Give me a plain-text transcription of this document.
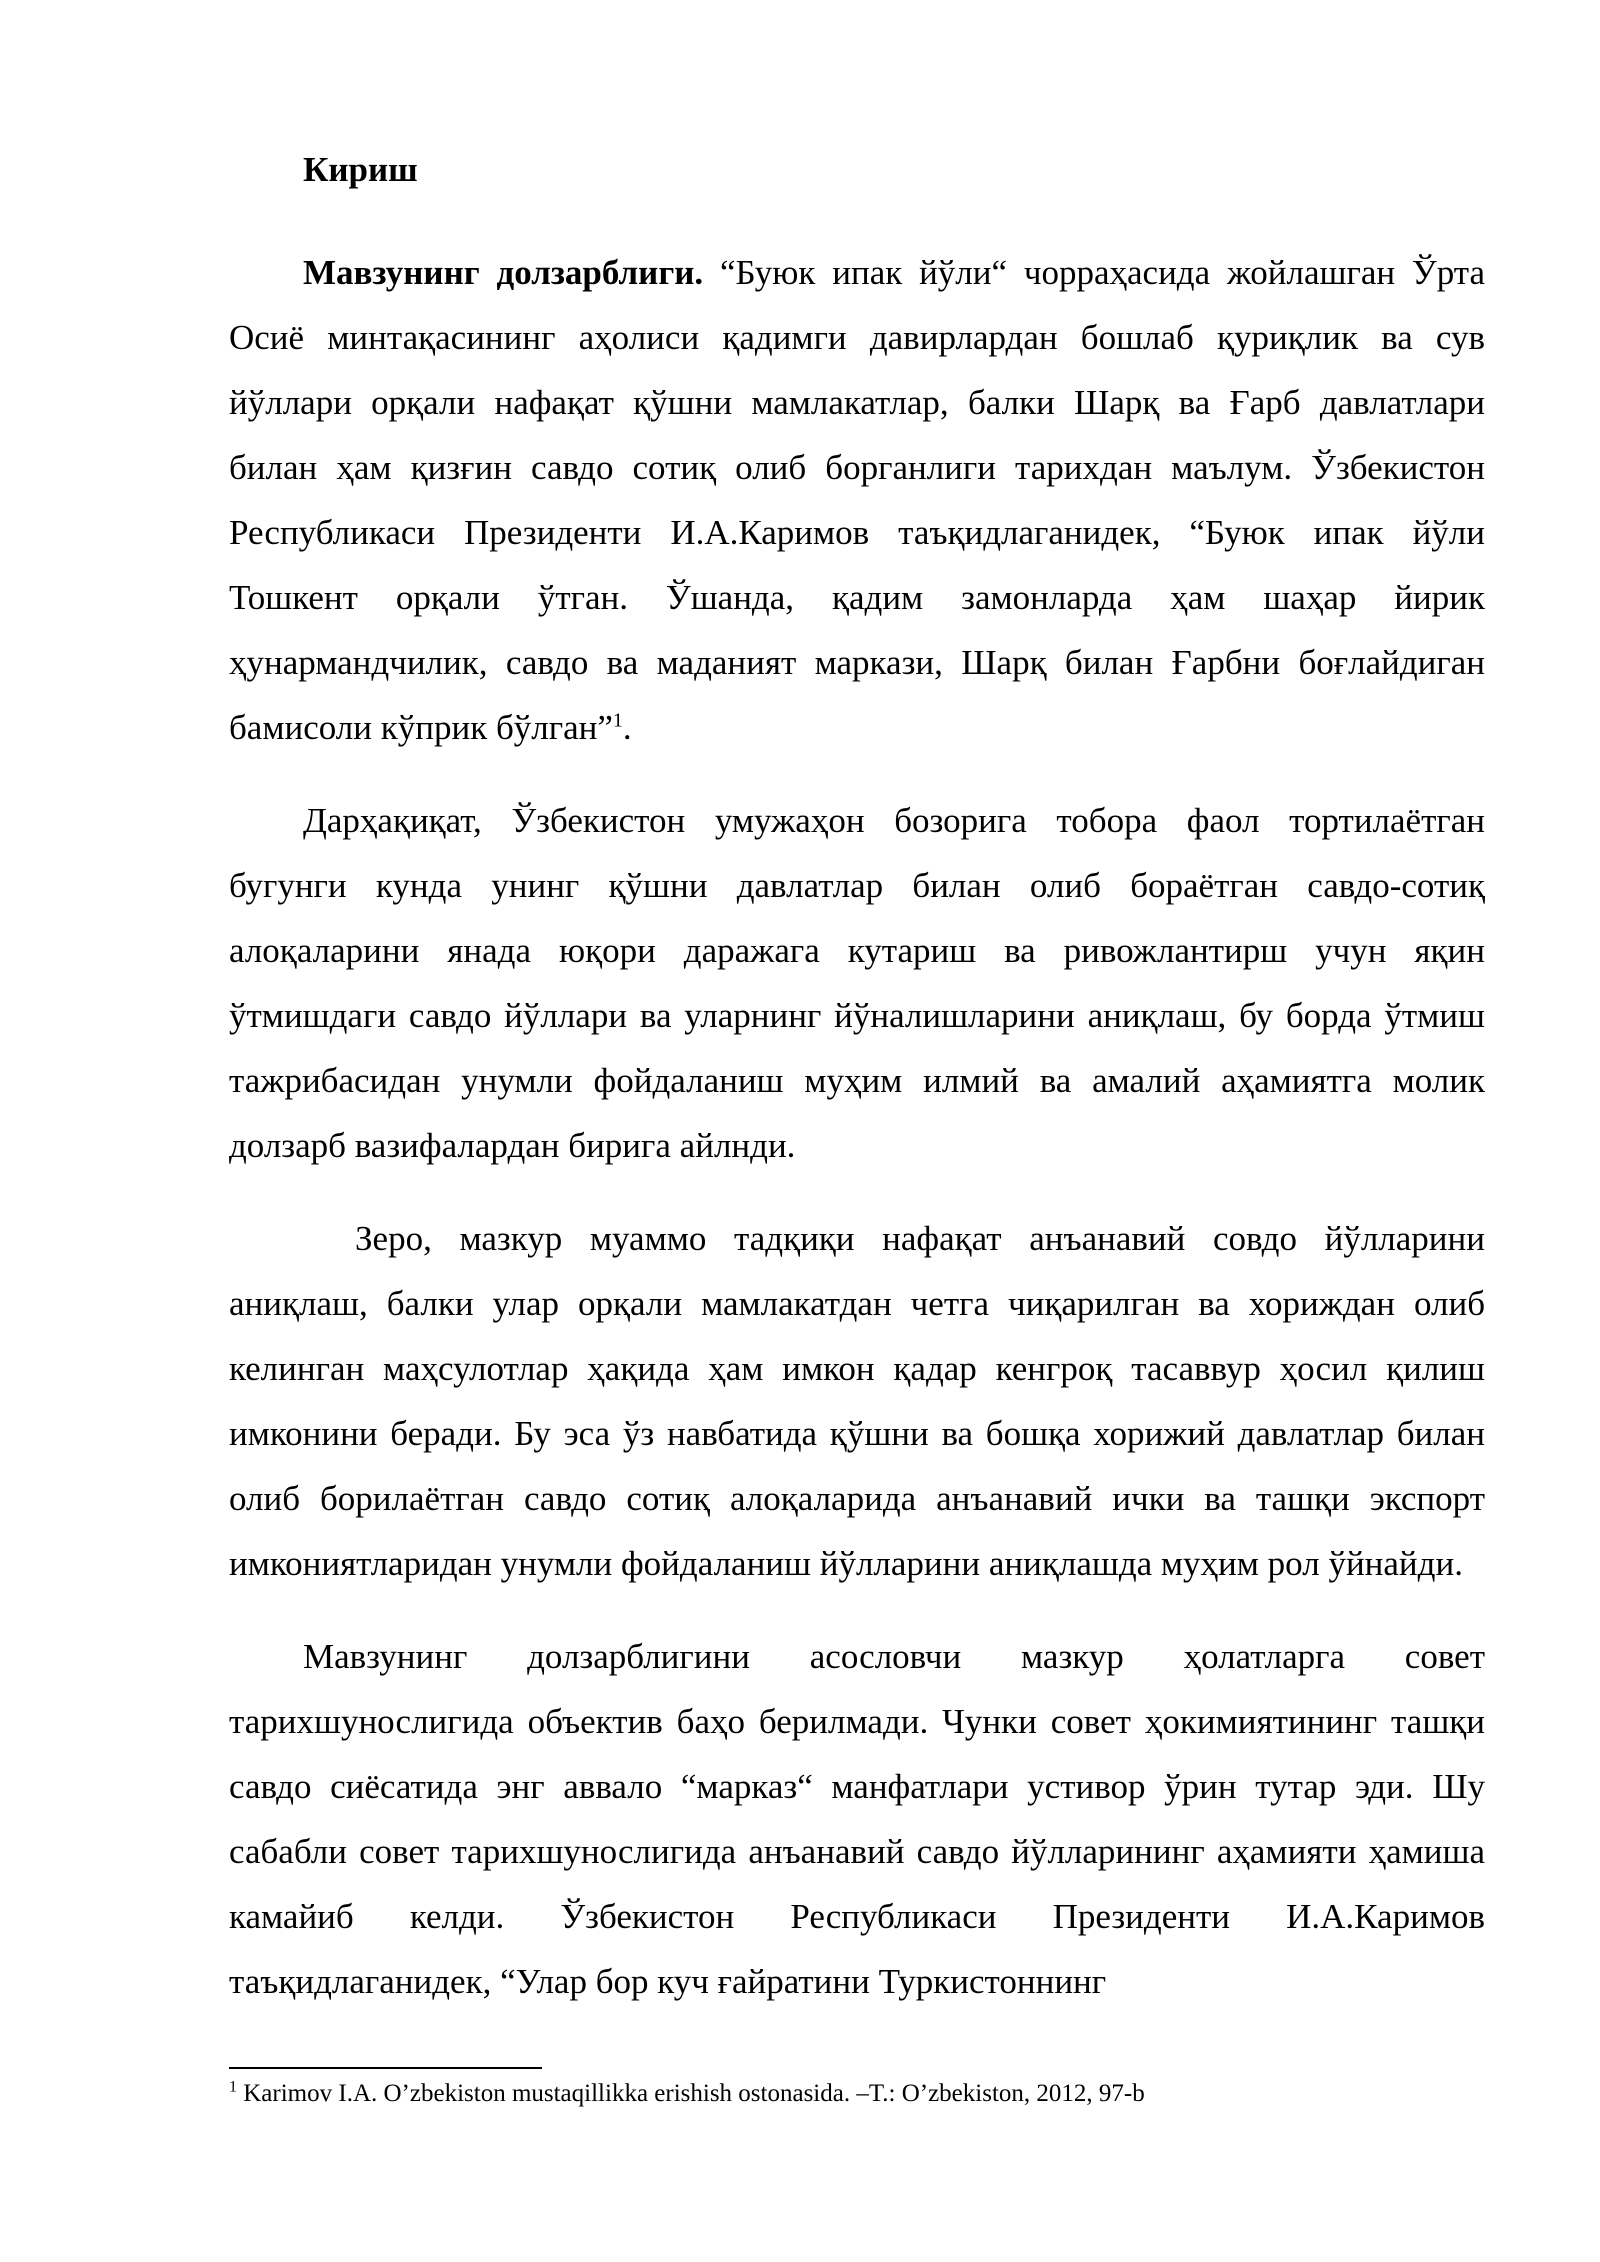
Кириш

Мавзунинг долзарблиги. “Буюк ипак йўли“ чорраҳасида жойлашган Ўрта Осиё минтақасининг аҳолиси қадимги давирлардан бошлаб қуриқлик ва сув йўллари орқали нафақат қўшни мамлакатлар, балки Шарқ ва Ғарб давлатлари билан ҳам қизғин савдо сотиқ олиб борганлиги тарихдан маълум. Ўзбекистон Республикаси Президенти И.А.Каримов таъқидлаганидек, “Буюк ипак йўли Тошкент орқали ўтган. Ўшанда, қадим замонларда ҳам шаҳар йирик ҳунармандчилик, савдо ва маданият маркази, Шарқ билан Ғарбни боғлайдиган бамисоли кўприк бўлган”$^1$.

Дарҳақиқат, Ўзбекистон умужаҳон бозорига тобора фаол тортилаётган бугунги кунда унинг қўшни давлатлар билан олиб бораётган савдо-сотиқ алоқаларини янада юқори даражага кутариш ва ривожлантирш учун яқин ўтмишдаги савдо йўллари ва уларнинг йўналишларини аниқлаш, бу борда ўтмиш тажрибасидан унумли фойдаланиш муҳим илмий ва амалий аҳамиятга молик долзарб вазифалардан бирига айлнди.

Зеро, мазкур муаммо тадқиқи нафақат анъанавий совдо йўлларини аниқлаш, балки улар орқали мамлакатдан четга чиқарилган ва хориждан олиб келинган маҳсулотлар ҳақида ҳам имкон қадар кенгроқ тасаввур ҳосил қилиш имконини беради. Бу эса ўз навбатида қўшни ва бошқа хорижий давлатлар билан олиб борилаётган савдо сотиқ алоқаларида анъанавий ички ва ташқи экспорт имкониятларидан унумли фойдаланиш йўлларини аниқлашда муҳим рол ўйнайди.

Мавзунинг долзарблигини асословчи мазкур ҳолатларга совет тарихшунослигида объектив баҳо берилмади. Чунки совет ҳокимиятининг ташқи савдо сиёсатида энг аввало “марказ“ манфатлари устивор ўрин тутар эди. Шу сабабли совет тарихшунослигида анъанавий савдо йўлларининг аҳамияти ҳамиша камайиб келди. Ўзбекистон Республикаси Президенти И.А.Каримов таъқидлаганидек, “Улар бор куч ғайратини Туркистоннинг

$^1$ Karimov I.A. O’zbekiston mustaqillikka erishish ostonasida. –T.: O’zbekiston, 2012, 97-b
